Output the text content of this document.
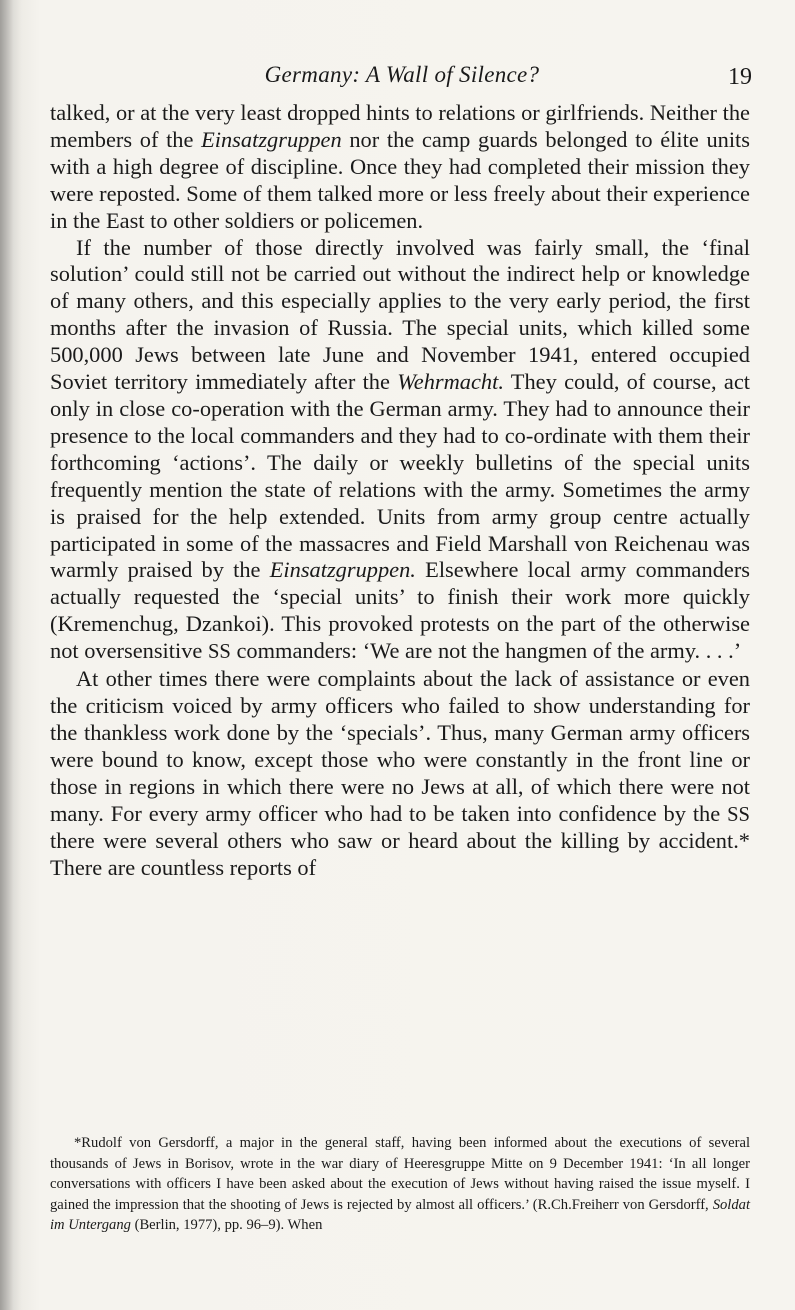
Germany: A Wall of Silence?	19

talked, or at the very least dropped hints to relations or girlfriends. Neither the members of the Einsatzgruppen nor the camp guards belonged to élite units with a high degree of discipline. Once they had completed their mission they were reposted. Some of them talked more or less freely about their experience in the East to other soldiers or policemen.

If the number of those directly involved was fairly small, the ‘final solution’ could still not be carried out without the indirect help or knowledge of many others, and this especially applies to the very early period, the first months after the invasion of Russia. The special units, which killed some 500,000 Jews between late June and November 1941, entered occupied Soviet territory immediately after the Wehrmacht. They could, of course, act only in close co-operation with the German army. They had to announce their presence to the local commanders and they had to co-ordinate with them their forthcoming ‘actions’. The daily or weekly bulletins of the special units frequently mention the state of relations with the army. Sometimes the army is praised for the help extended. Units from army group centre actually participated in some of the massacres and Field Marshall von Reichenau was warmly praised by the Einsatzgruppen. Elsewhere local army commanders actually requested the ‘special units’ to finish their work more quickly (Kremenchug, Dzankoi). This provoked protests on the part of the otherwise not oversensitive SS commanders: ‘We are not the hangmen of the army. . . .’

At other times there were complaints about the lack of assistance or even the criticism voiced by army officers who failed to show understanding for the thankless work done by the ‘specials’. Thus, many German army officers were bound to know, except those who were constantly in the front line or those in regions in which there were no Jews at all, of which there were not many. For every army officer who had to be taken into confidence by the SS there were several others who saw or heard about the killing by accident.* There are countless reports of

*Rudolf von Gersdorff, a major in the general staff, having been informed about the executions of several thousands of Jews in Borisov, wrote in the war diary of Heeresgruppe Mitte on 9 December 1941: ‘In all longer conversations with officers I have been asked about the execution of Jews without having raised the issue myself. I gained the impression that the shooting of Jews is rejected by almost all officers.’ (R.Ch.Freiherr von Gersdorff, Soldat im Untergang (Berlin, 1977), pp. 96–9). When
